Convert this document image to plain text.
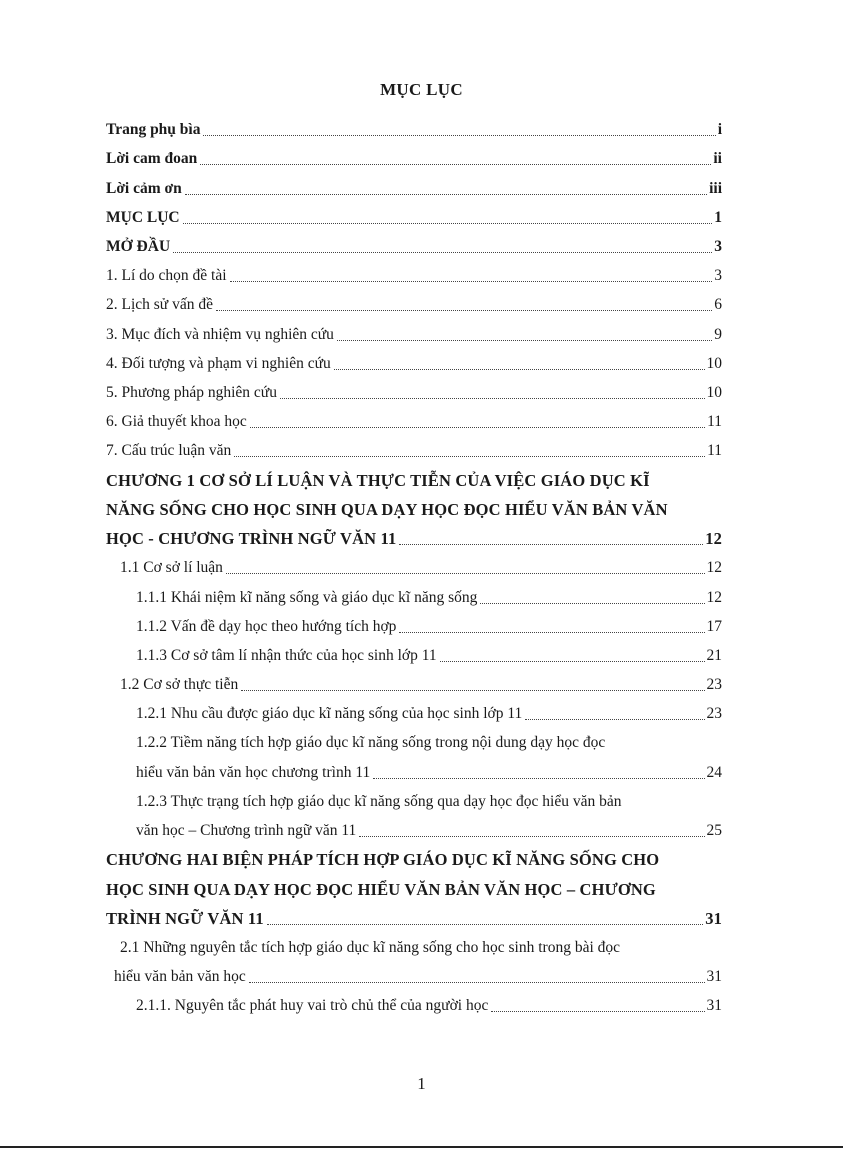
MỤC LỤC
Trang phụ bìa	i
Lời cam đoan	ii
Lời cảm ơn	iii
MỤC LỤC	1
MỞ ĐẦU	3
1. Lí do chọn đề tài	3
2. Lịch sử vấn đề	6
3. Mục đích và nhiệm vụ nghiên cứu	9
4. Đối tượng và phạm vi nghiên cứu	10
5. Phương pháp nghiên cứu	10
6. Giả thuyết khoa học	11
7. Cấu trúc luận văn	11
CHƯƠNG 1 CƠ SỞ LÍ LUẬN VÀ THỰC TIỄN CỦA VIỆC GIÁO DỤC KĨ
NĂNG SỐNG CHO HỌC SINH QUA DẠY HỌC ĐỌC HIỂU VĂN BẢN VĂN
HỌC - CHƯƠNG TRÌNH NGỮ VĂN 11	12
1.1 Cơ sở lí luận	12
1.1.1 Khái niệm kĩ năng sống và giáo dục kĩ năng sống	12
1.1.2 Vấn đề dạy học theo hướng tích hợp	17
1.1.3 Cơ sở tâm lí nhận thức của học sinh lớp 11	21
1.2 Cơ sở thực tiễn	23
1.2.1 Nhu cầu được giáo dục kĩ năng sống của học sinh lớp 11	23
1.2.2 Tiềm năng tích hợp giáo dục kĩ năng sống trong nội dung dạy học đọc
hiểu văn bản văn học chương trình 11	24
1.2.3 Thực trạng tích hợp giáo dục kĩ năng sống qua dạy học đọc hiểu văn bản
văn học – Chương trình ngữ văn 11	25
CHƯƠNG HAI BIỆN PHÁP TÍCH HỢP GIÁO DỤC KĨ NĂNG SỐNG CHO
HỌC SINH QUA DẠY HỌC ĐỌC HIỂU VĂN BẢN VĂN HỌC – CHƯƠNG
TRÌNH NGỮ VĂN 11	31
2.1 Những nguyên tắc tích hợp giáo dục kĩ năng sống cho học sinh trong bài đọc
hiểu văn bản văn học	31
2.1.1. Nguyên tắc phát huy vai trò chủ thể của người học	31
1
